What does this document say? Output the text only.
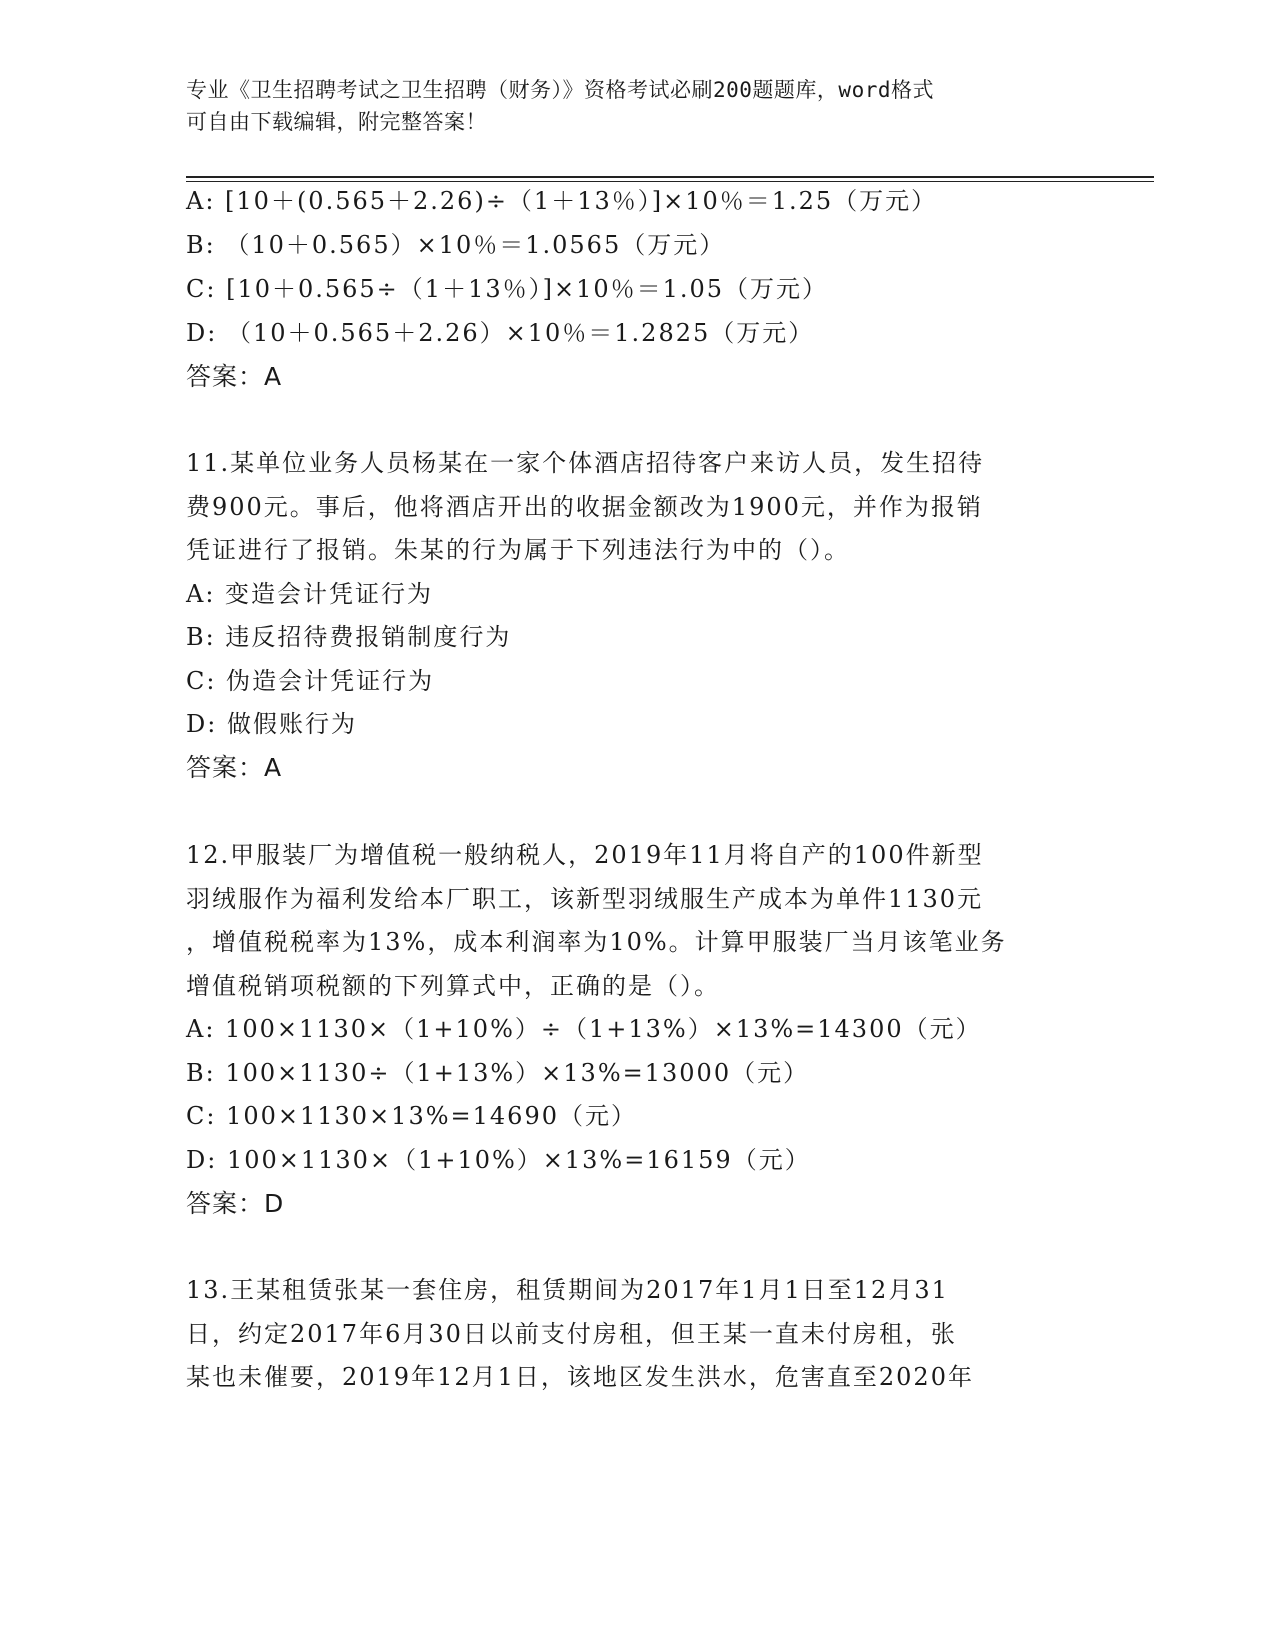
专业《卫生招聘考试之卫生招聘（财务）》资格考试必刷200题题库，word格式
可自由下载编辑，附完整答案！
A: [10＋(0.565＋2.26)÷（1＋13％）]×10％＝1.25（万元）
B: （10＋0.565）×10％＝1.0565（万元）
C: [10＋0.565÷（1＋13％）]×10％＝1.05（万元）
D: （10＋0.565＋2.26）×10％＝1.2825（万元）
答案：A
11.某单位业务人员杨某在一家个体酒店招待客户来访人员，发生招待
费900元。事后，他将酒店开出的收据金额改为1900元，并作为报销
凭证进行了报销。朱某的行为属于下列违法行为中的（）。
A: 变造会计凭证行为
B: 违反招待费报销制度行为
C: 伪造会计凭证行为
D: 做假账行为
答案：A
12.甲服装厂为增值税一般纳税人，2019年11月将自产的100件新型
羽绒服作为福利发给本厂职工，该新型羽绒服生产成本为单件1130元
，增值税税率为13%，成本利润率为10%。计算甲服装厂当月该笔业务
增值税销项税额的下列算式中，正确的是（）。
A: 100×1130×（1+10%）÷（1+13%）×13%=14300（元）
B: 100×1130÷（1+13%）×13%=13000（元）
C: 100×1130×13%=14690（元）
D: 100×1130×（1+10%）×13%=16159（元）
答案：D
13.王某租赁张某一套住房，租赁期间为2017年1月1日至12月31
日，约定2017年6月30日以前支付房租，但王某一直未付房租，张
某也未催要，2019年12月1日，该地区发生洪水，危害直至2020年
